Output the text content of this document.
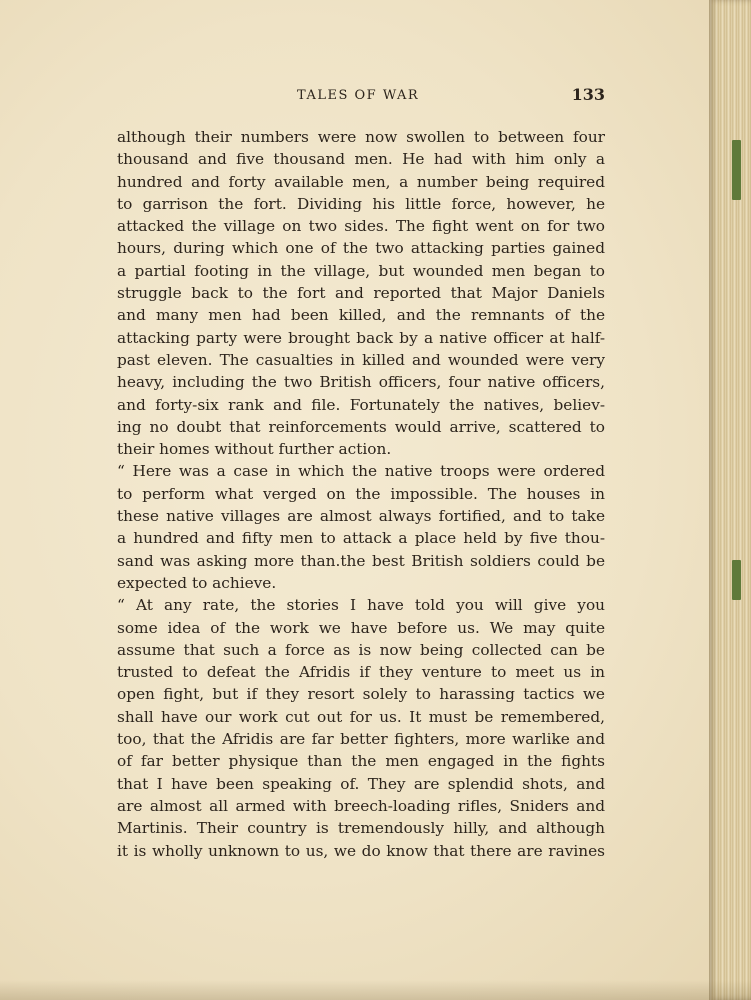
TALES OF WAR	133
although their numbers were now swollen to between four
thousand and five thousand men. He had with him only a
hundred and forty available men, a number being required
to garrison the fort. Dividing his little force, however, he
attacked the village on two sides. The fight went on for two
hours, during which one of the two attacking parties gained
a partial footing in the village, but wounded men began to
struggle back to the fort and reported that Major Daniels
and many men had been killed, and the remnants of the
attacking party were brought back by a native officer at half-
past eleven. The casualties in killed and wounded were very
heavy, including the two British officers, four native officers,
and forty-six rank and file. Fortunately the natives, believ-
ing no doubt that reinforcements would arrive, scattered to
their homes without further action.
“ Here was a case in which the native troops were ordered
to perform what verged on the impossible. The houses in
these native villages are almost always fortified, and to take
a hundred and fifty men to attack a place held by five thou-
sand was asking more than.the best British soldiers could be
expected to achieve.
“ At any rate, the stories I have told you will give you
some idea of the work we have before us. We may quite
assume that such a force as is now being collected can be
trusted to defeat the Afridis if they venture to meet us in
open fight, but if they resort solely to harassing tactics we
shall have our work cut out for us. It must be remembered,
too, that the Afridis are far better fighters, more warlike and
of far better physique than the men engaged in the fights
that I have been speaking of. They are splendid shots, and
are almost all armed with breech-loading rifles, Sniders and
Martinis. Their country is tremendously hilly, and although
it is wholly unknown to us, we do know that there are ravines
